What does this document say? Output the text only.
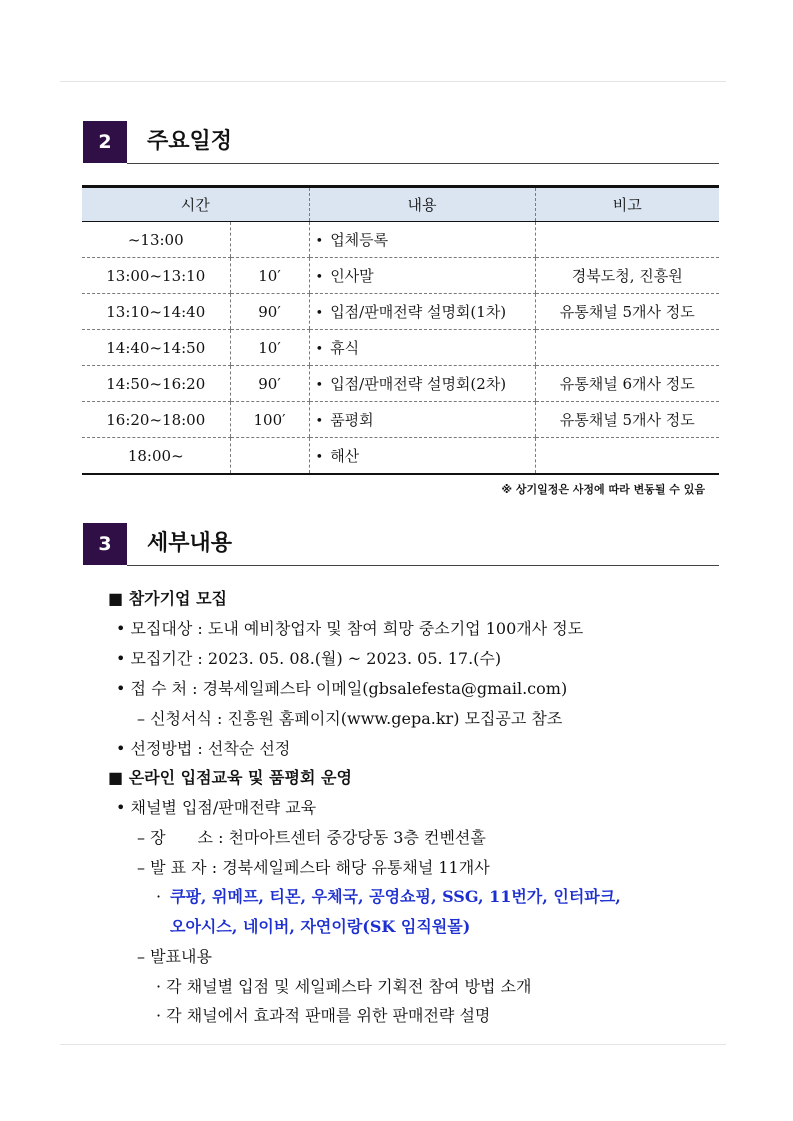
2	주요일정
시간		내용	비고
~13:00		• 업체등록	
13:00~13:10	10′	• 인사말	경북도청, 진흥원
13:10~14:40	90′	• 입점/판매전략 설명회(1차)	유통채널 5개사 정도
14:40~14:50	10′	• 휴식	
14:50~16:20	90′	• 입점/판매전략 설명회(2차)	유통채널 6개사 정도
16:20~18:00	100′	• 품평회	유통채널 5개사 정도
18:00~		• 해산	
※ 상기일정은 사정에 따라 변동될 수 있음
3	세부내용
■ 참가기업 모집
• 모집대상 : 도내 예비창업자 및 참여 희망 중소기업 100개사 정도
• 모집기간 : 2023. 05. 08.(월) ~ 2023. 05. 17.(수)
• 접 수 처 : 경북세일페스타 이메일(gbsalefesta@gmail.com)
– 신청서식 : 진흥원 홈페이지(www.gepa.kr) 모집공고 참조
• 선정방법 : 선착순 선정
■ 온라인 입점교육 및 품평회 운영
• 채널별 입점/판매전략 교육
– 장　　소 : 천마아트센터 중강당동 3층 컨벤션홀
– 발 표 자 : 경북세일페스타 해당 유통채널 11개사
· 쿠팡, 위메프, 티몬, 우체국, 공영쇼핑, SSG, 11번가, 인터파크,
오아시스, 네이버, 자연이랑(SK 임직원몰)
– 발표내용
· 각 채널별 입점 및 세일페스타 기획전 참여 방법 소개
· 각 채널에서 효과적 판매를 위한 판매전략 설명
